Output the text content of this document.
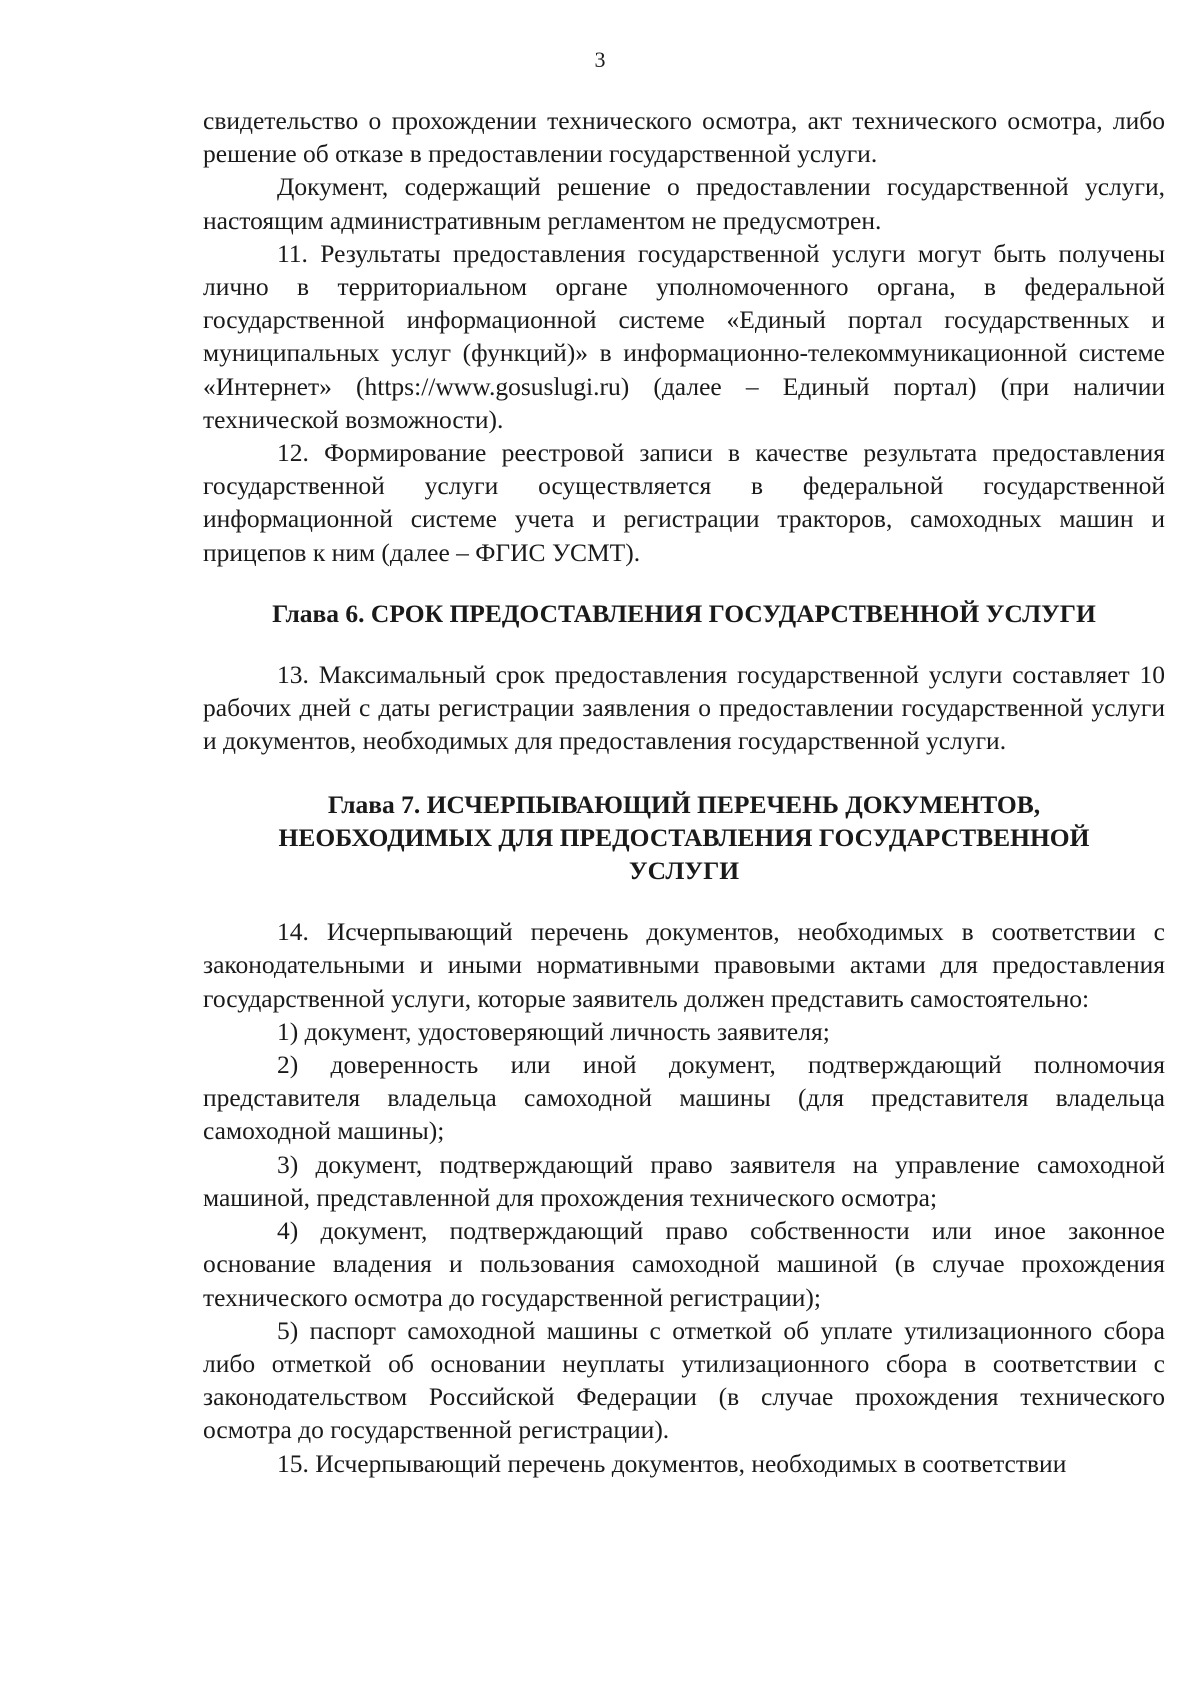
3

свидетельство о прохождении технического осмотра, акт технического осмотра, либо решение об отказе в предоставлении государственной услуги.

Документ, содержащий решение о предоставлении государственной услуги, настоящим административным регламентом не предусмотрен.

11. Результаты предоставления государственной услуги могут быть получены лично в территориальном органе уполномоченного органа, в федеральной государственной информационной системе «Единый портал государственных и муниципальных услуг (функций)» в информационно-телекоммуникационной системе «Интернет» (https://www.gosuslugi.ru) (далее – Единый портал) (при наличии технической возможности).

12. Формирование реестровой записи в качестве результата предоставления государственной услуги осуществляется в федеральной государственной информационной системе учета и регистрации тракторов, самоходных машин и прицепов к ним (далее – ФГИС УСМТ).

Глава 6. СРОК ПРЕДОСТАВЛЕНИЯ ГОСУДАРСТВЕННОЙ УСЛУГИ

13. Максимальный срок предоставления государственной услуги составляет 10 рабочих дней с даты регистрации заявления о предоставлении государственной услуги и документов, необходимых для предоставления государственной услуги.

Глава 7. ИСЧЕРПЫВАЮЩИЙ ПЕРЕЧЕНЬ ДОКУМЕНТОВ,
НЕОБХОДИМЫХ ДЛЯ ПРЕДОСТАВЛЕНИЯ ГОСУДАРСТВЕННОЙ
УСЛУГИ

14. Исчерпывающий перечень документов, необходимых в соответствии с законодательными и иными нормативными правовыми актами для предоставления государственной услуги, которые заявитель должен представить самостоятельно:

1) документ, удостоверяющий личность заявителя;

2) доверенность или иной документ, подтверждающий полномочия представителя владельца самоходной машины (для представителя владельца самоходной машины);

3) документ, подтверждающий право заявителя на управление самоходной машиной, представленной для прохождения технического осмотра;

4) документ, подтверждающий право собственности или иное законное основание владения и пользования самоходной машиной (в случае прохождения технического осмотра до государственной регистрации);

5) паспорт самоходной машины с отметкой об уплате утилизационного сбора либо отметкой об основании неуплаты утилизационного сбора в соответствии с законодательством Российской Федерации (в случае прохождения технического осмотра до государственной регистрации).

15. Исчерпывающий перечень документов, необходимых в соответствии
